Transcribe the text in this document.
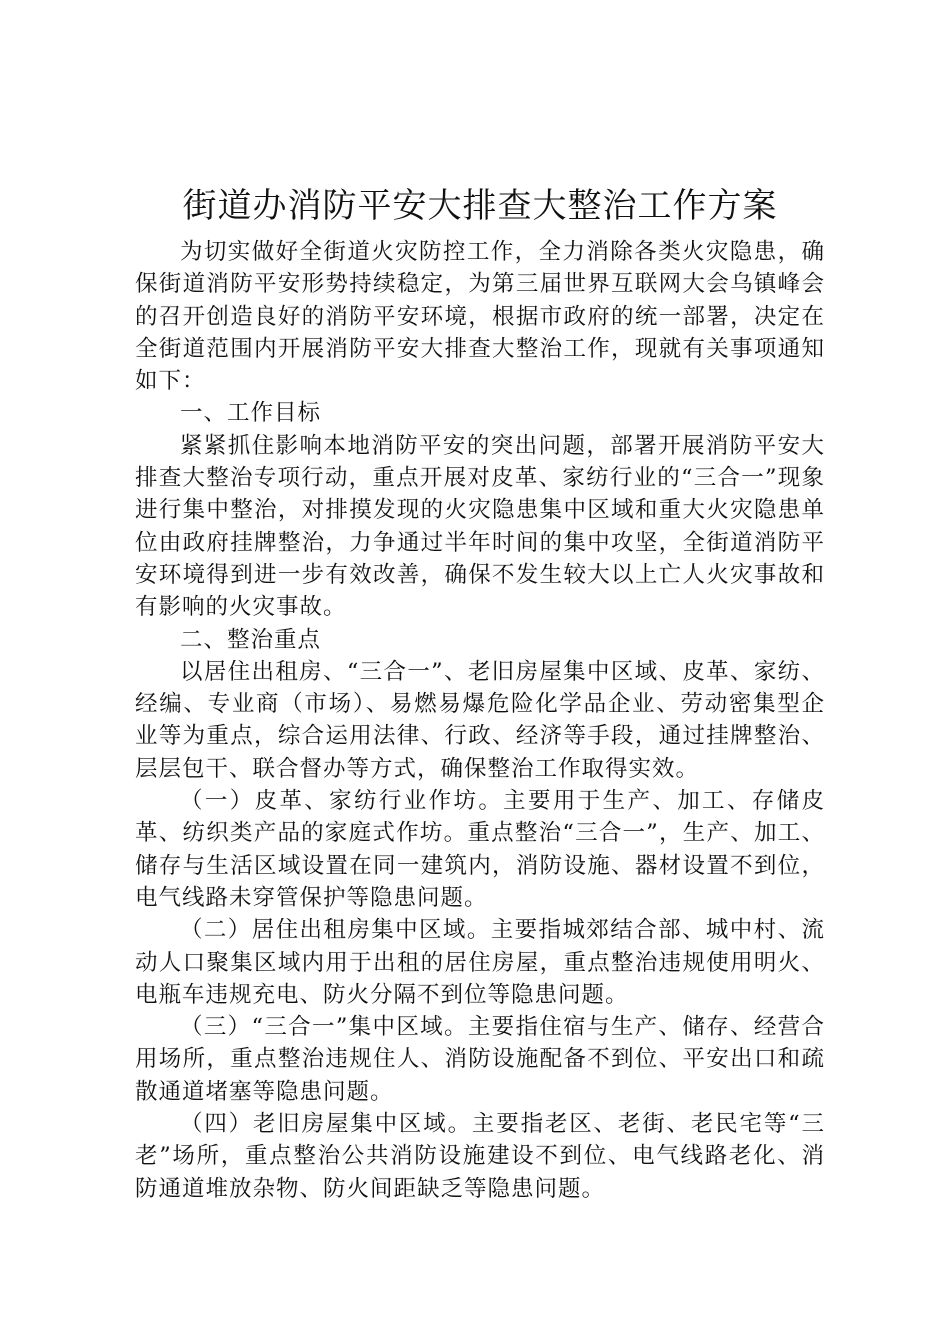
街道办消防平安大排查大整治工作方案

为切实做好全街道火灾防控工作，全力消除各类火灾隐患，确保街道消防平安形势持续稳定，为第三届世界互联网大会乌镇峰会的召开创造良好的消防平安环境，根据市政府的统一部署，决定在全街道范围内开展消防平安大排查大整治工作，现就有关事项通知如下：

一、工作目标

紧紧抓住影响本地消防平安的突出问题，部署开展消防平安大排查大整治专项行动，重点开展对皮革、家纺行业的“三合一”现象进行集中整治，对排摸发现的火灾隐患集中区域和重大火灾隐患单位由政府挂牌整治，力争通过半年时间的集中攻坚，全街道消防平安环境得到进一步有效改善，确保不发生较大以上亡人火灾事故和有影响的火灾事故。

二、整治重点

以居住出租房、“三合一”、老旧房屋集中区域、皮革、家纺、经编、专业商（市场）、易燃易爆危险化学品企业、劳动密集型企业等为重点，综合运用法律、行政、经济等手段，通过挂牌整治、层层包干、联合督办等方式，确保整治工作取得实效。

（一）皮革、家纺行业作坊。主要用于生产、加工、存储皮革、纺织类产品的家庭式作坊。重点整治“三合一”，生产、加工、储存与生活区域设置在同一建筑内，消防设施、器材设置不到位，电气线路未穿管保护等隐患问题。

（二）居住出租房集中区域。主要指城郊结合部、城中村、流动人口聚集区域内用于出租的居住房屋，重点整治违规使用明火、电瓶车违规充电、防火分隔不到位等隐患问题。

（三）“三合一”集中区域。主要指住宿与生产、储存、经营合用场所，重点整治违规住人、消防设施配备不到位、平安出口和疏散通道堵塞等隐患问题。

（四）老旧房屋集中区域。主要指老区、老街、老民宅等“三老”场所，重点整治公共消防设施建设不到位、电气线路老化、消防通道堆放杂物、防火间距缺乏等隐患问题。
